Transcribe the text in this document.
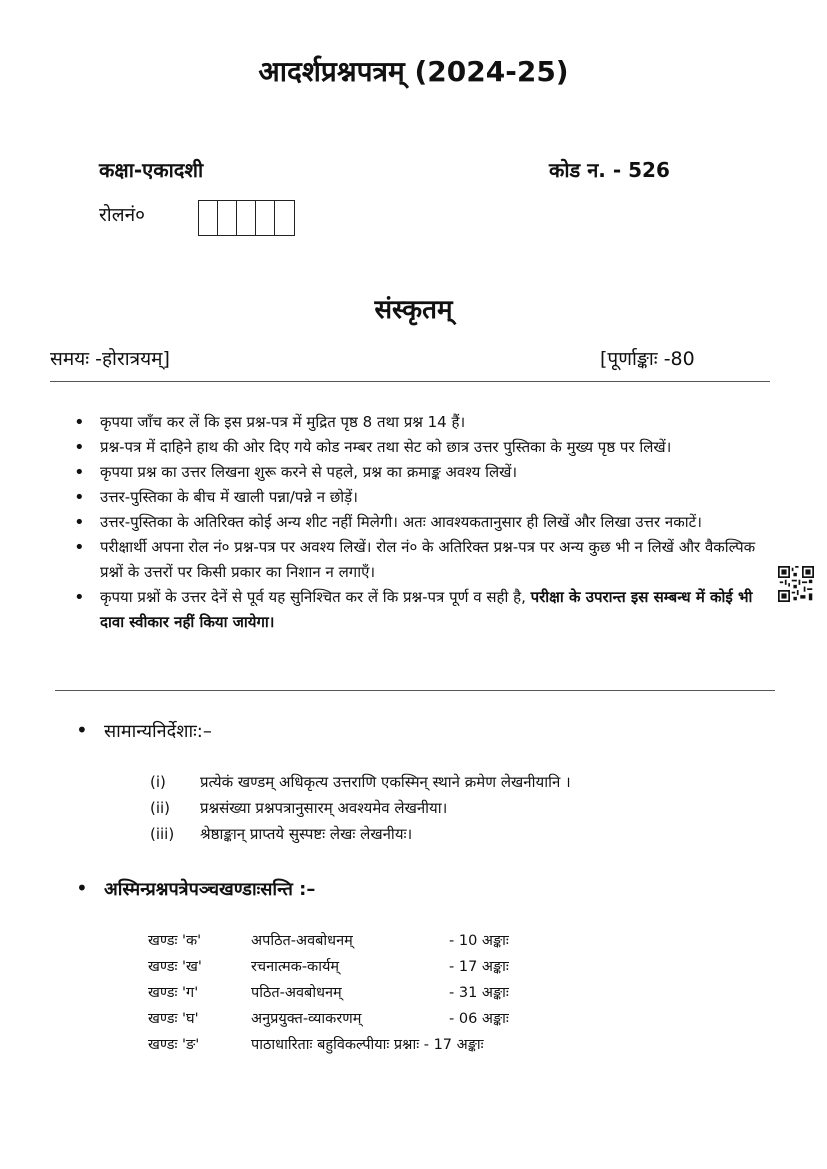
आदर्शप्रश्नपत्रम् (2024-25)
कक्षा-एकादशी	कोड न. - 526
रोलनं०
संस्कृतम्
समयः -होरात्रयम्]	[पूर्णाङ्काः -80
• कृपया जाँच कर लें कि इस प्रश्न-पत्र में मुद्रित पृष्ठ 8 तथा प्रश्न 14 हैं।
• प्रश्न-पत्र में दाहिने हाथ की ओर दिए गये कोड नम्बर तथा सेट को छात्र उत्तर पुस्तिका के मुख्य पृष्ठ पर लिखें।
• कृपया प्रश्न का उत्तर लिखना शुरू करने से पहले, प्रश्न का क्रमाङ्क अवश्य लिखें।
• उत्तर-पुस्तिका के बीच में खाली पन्ना/पन्ने न छोड़ें।
• उत्तर-पुस्तिका के अतिरिक्त कोई अन्य शीट नहीं मिलेगी। अतः आवश्यकतानुसार ही लिखें और लिखा उत्तर नकाटें।
• परीक्षार्थी अपना रोल नं० प्रश्न-पत्र पर अवश्य लिखें। रोल नं० के अतिरिक्त प्रश्न-पत्र पर अन्य कुछ भी न लिखें और वैकल्पिक प्रश्नों के उत्तरों पर किसी प्रकार का निशान न लगाएँ।
• कृपया प्रश्नों के उत्तर देनें से पूर्व यह सुनिश्चित कर लें कि प्रश्न-पत्र पूर्ण व सही है, परीक्षा के उपरान्त इस सम्बन्ध में कोई भी दावा स्वीकार नहीं किया जायेगा।
• सामान्यनिर्देशाः:–
(i) प्रत्येकं खण्डम् अधिकृत्य उत्तराणि एकस्मिन् स्थाने क्रमेण लेखनीयानि ।
(ii) प्रश्नसंख्या प्रश्नपत्रानुसारम् अवश्यमेव लेखनीया।
(iii) श्रेष्ठाङ्कान् प्राप्तये सुस्पष्टः लेखः लेखनीयः।
• अस्मिन्प्रश्नपत्रेपञ्चखण्डाःसन्ति :–
खण्डः 'क'	अपठित-अवबोधनम्	- 10 अङ्काः
खण्डः 'ख'	रचनात्मक-कार्यम्	- 17 अङ्काः
खण्डः 'ग'	पठित-अवबोधनम्	- 31 अङ्काः
खण्डः 'घ'	अनुप्रयुक्त-व्याकरणम्	- 06 अङ्काः
खण्डः 'ङ'	पाठाधारिताः बहुविकल्पीयाः प्रश्नाः - 17 अङ्काः
